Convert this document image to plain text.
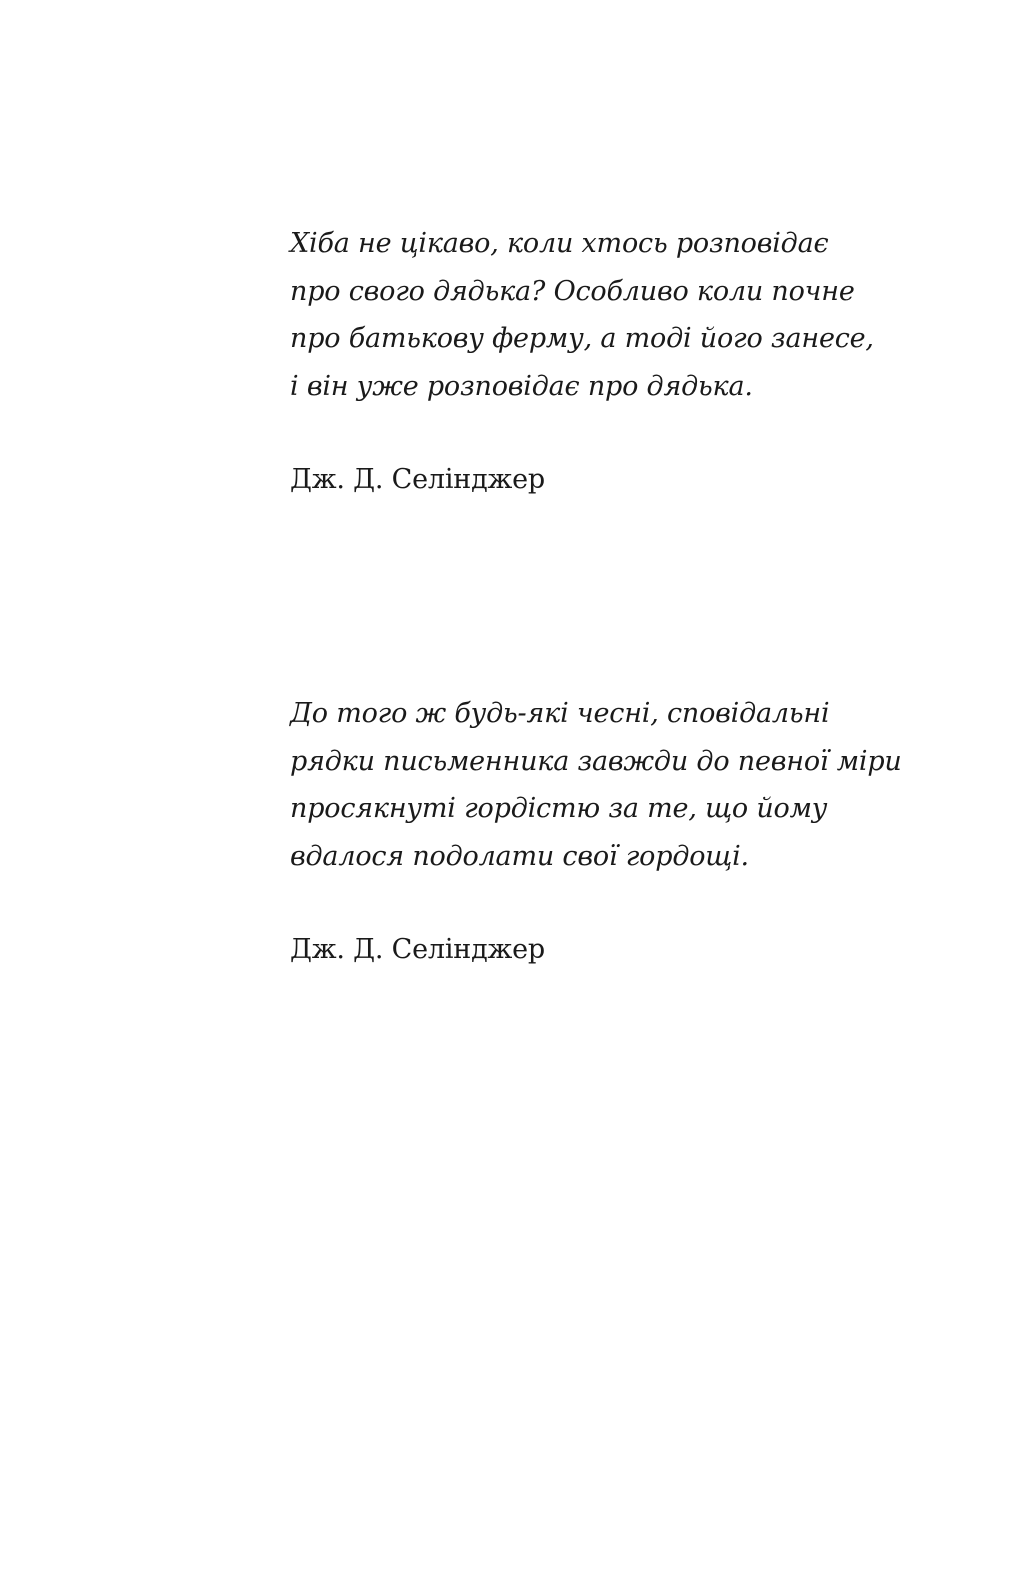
Хіба не цікаво, коли хтось розповідає
про свого дядька? Особливо коли почне
про батькову ферму, а тоді його занесе,
і він уже розповідає про дядька.
Дж. Д. Селінджер
До того ж будь-які чесні, сповідальні
рядки письменника завжди до певної міри
просякнуті гордістю за те, що йому
вдалося подолати свої гордощі.
Дж. Д. Селінджер
